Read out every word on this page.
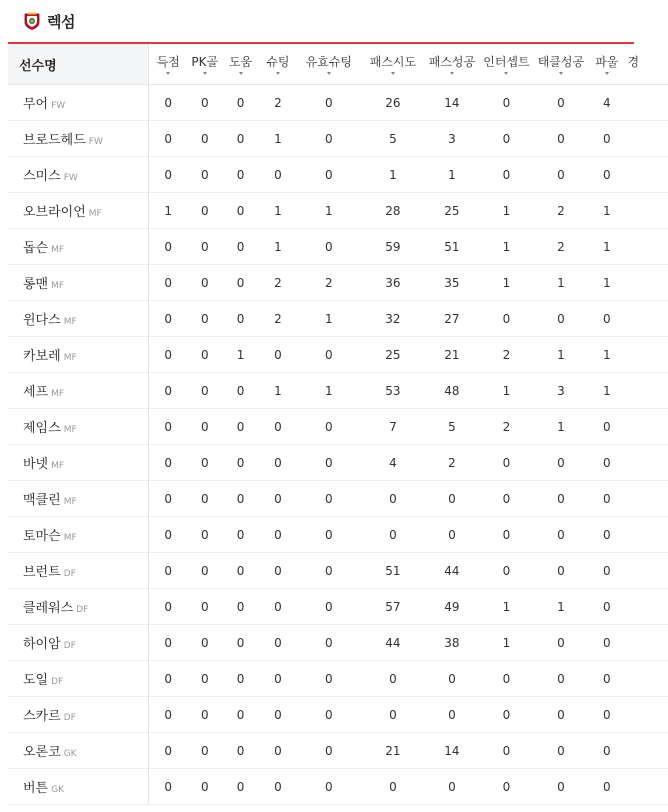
렉섬
선수명	득점	PK골	도움	슈팅	유효슈팅	패스시도	패스성공	인터셉트	태클성공	파울	경
무어 FW	0	0	0	2	0	26	14	0	0	4	
브로드헤드 FW	0	0	0	1	0	5	3	0	0	0	
스미스 FW	0	0	0	0	0	1	1	0	0	0	
오브라이언 MF	1	0	0	1	1	28	25	1	2	1	
돕슨 MF	0	0	0	1	0	59	51	1	2	1	
롱맨 MF	0	0	0	2	2	36	35	1	1	1	
윈다스 MF	0	0	0	2	1	32	27	0	0	0	
카보레 MF	0	0	1	0	0	25	21	2	1	1	
세프 MF	0	0	0	1	1	53	48	1	3	1	
제임스 MF	0	0	0	0	0	7	5	2	1	0	
바넷 MF	0	0	0	0	0	4	2	0	0	0	
맥클린 MF	0	0	0	0	0	0	0	0	0	0	
토마슨 MF	0	0	0	0	0	0	0	0	0	0	
브런트 DF	0	0	0	0	0	51	44	0	0	0	
클레워스 DF	0	0	0	0	0	57	49	1	1	0	
하이암 DF	0	0	0	0	0	44	38	1	0	0	
도일 DF	0	0	0	0	0	0	0	0	0	0	
스카르 DF	0	0	0	0	0	0	0	0	0	0	
오론코 GK	0	0	0	0	0	21	14	0	0	0	
버튼 GK	0	0	0	0	0	0	0	0	0	0	
